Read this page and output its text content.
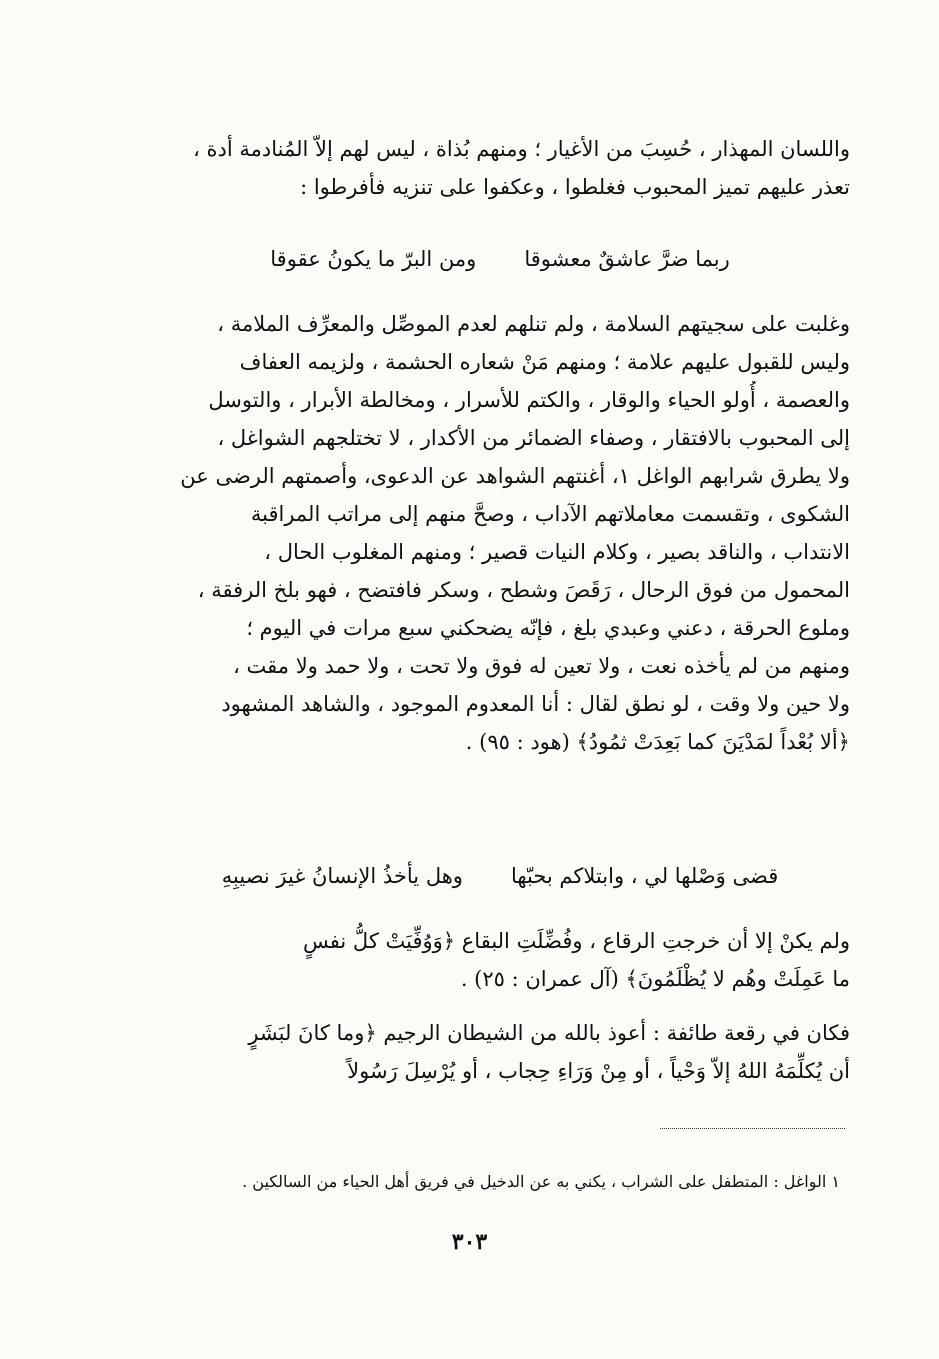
واللسان المهذار ، حُسِبَ من الأغيار ؛ ومنهم بُذاة ، ليس لهم إلاّ المُنادمة أدة ،
تعذر عليهم تميز المحبوب فغلطوا ، وعكفوا على تنزيه فأفرطوا :
ربما ضرَّ عاشقٌ معشوقا
ومن البرّ ما يكونُ عقوقا
وغلبت على سجيتهم السلامة ، ولم تنلهم لعدم الموصِّل والمعرِّف الملامة ،
وليس للقبول عليهم علامة ؛ ومنهم مَنْ شعاره الحشمة ، ولزيمه العفاف
والعصمة ، أُولو الحياء والوقار ، والكتم للأسرار ، ومخالطة الأبرار ، والتوسل
إلى المحبوب بالافتقار ، وصفاء الضمائر من الأكدار ، لا تختلجهم الشواغل ،
ولا يطرق شرابهم الواغل ١، أغنتهم الشواهد عن الدعوى، وأصمتهم الرضى عن
الشكوى ، وتقسمت معاملاتهم الآداب ، وصحَّ منهم إلى مراتب المراقبة
الانتداب ، والناقد بصير ، وكلام النيات قصير ؛ ومنهم المغلوب الحال ،
المحمول من فوق الرحال ، رَقَصَ وشطح ، وسكر فافتضح ، فهو بلخ الرفقة ،
وملوع الحرقة ، دعني وعبدي بلغ ، فإنّه يضحكني سبع مرات في اليوم ؛
ومنهم من لم يأخذه نعت ، ولا تعين له فوق ولا تحت ، ولا حمد ولا مقت ،
ولا حين ولا وقت ، لو نطق لقال : أنا المعدوم الموجود ، والشاهد المشهود
﴿ألا بُعْداً لمَدْيَنَ كما بَعِدَتْ ثمُودُ﴾ (هود : ٩٥) .
قضى وَصْلها لي ، وابتلاكم بحبّها
وهل يأخذُ الإنسانُ غيرَ نصيبِهِ
ولم يكنْ إلا أن خرجتِ الرقاع ، وفُضِّلَتِ البقاع ﴿وَوُفِّيَتْ كلُّ نفسٍ
ما عَمِلَتْ وهُم لا يُظْلَمُونَ﴾ (آل عمران : ٢٥) .
فكان في رقعة طائفة : أعوذ بالله من الشيطان الرجيم ﴿وما كانَ لبَشَرٍ
أن يُكلِّمَهُ اللهُ إلاّ وَحْياً ، أو مِنْ وَرَاءِ حِجاب ، أو يُرْسِلَ رَسُولاً
١ الواغل : المتطفل على الشراب ، يكني به عن الدخيل في فريق أهل الحياء من السالكين .
٣٠٣
